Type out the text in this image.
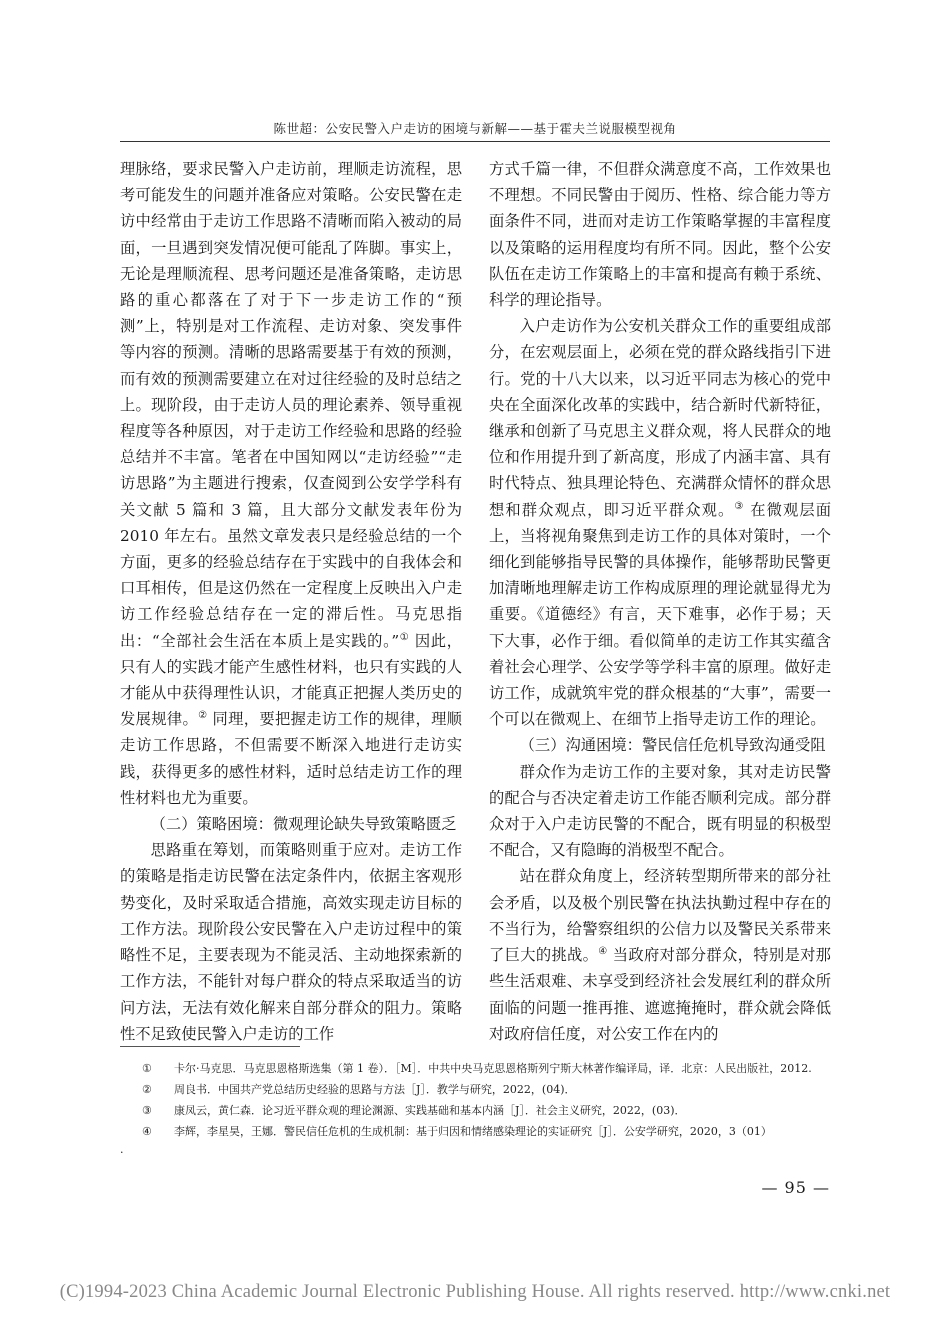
陈世超：公安民警入户走访的困境与新解——基于霍夫兰说服模型视角

理脉络，要求民警入户走访前，理顺走访流程，思考可能发生的问题并准备应对策略。公安民警在走访中经常由于走访工作思路不清晰而陷入被动的局面，一旦遇到突发情况便可能乱了阵脚。事实上，无论是理顺流程、思考问题还是准备策略，走访思路的重心都落在了对于下一步走访工作的“预测”上，特别是对工作流程、走访对象、突发事件等内容的预测。清晰的思路需要基于有效的预测，而有效的预测需要建立在对过往经验的及时总结之上。现阶段，由于走访人员的理论素养、领导重视程度等各种原因，对于走访工作经验和思路的经验总结并不丰富。笔者在中国知网以“走访经验”“走访思路”为主题进行搜索，仅查阅到公安学学科有关文献 5 篇和 3 篇，且大部分文献发表年份为 2010 年左右。虽然文章发表只是经验总结的一个方面，更多的经验总结存在于实践中的自我体会和口耳相传，但是这仍然在一定程度上反映出入户走访工作经验总结存在一定的滞后性。马克思指出：“全部社会生活在本质上是实践的。”① 因此，只有人的实践才能产生感性材料，也只有实践的人才能从中获得理性认识，才能真正把握人类历史的发展规律。② 同理，要把握走访工作的规律，理顺走访工作思路，不但需要不断深入地进行走访实践，获得更多的感性材料，适时总结走访工作的理性材料也尤为重要。

（二）策略困境：微观理论缺失导致策略匮乏

思路重在筹划，而策略则重于应对。走访工作的策略是指走访民警在法定条件内，依据主客观形势变化，及时采取适合措施，高效实现走访目标的工作方法。现阶段公安民警在入户走访过程中的策略性不足，主要表现为不能灵活、主动地探索新的工作方法，不能针对每户群众的特点采取适当的访问方法，无法有效化解来自部分群众的阻力。策略性不足致使民警入户走访的工作

方式千篇一律，不但群众满意度不高，工作效果也不理想。不同民警由于阅历、性格、综合能力等方面条件不同，进而对走访工作策略掌握的丰富程度以及策略的运用程度均有所不同。因此，整个公安队伍在走访工作策略上的丰富和提高有赖于系统、科学的理论指导。

入户走访作为公安机关群众工作的重要组成部分，在宏观层面上，必须在党的群众路线指引下进行。党的十八大以来，以习近平同志为核心的党中央在全面深化改革的实践中，结合新时代新特征，继承和创新了马克思主义群众观，将人民群众的地位和作用提升到了新高度，形成了内涵丰富、具有时代特点、独具理论特色、充满群众情怀的群众思想和群众观点，即习近平群众观。③ 在微观层面上，当将视角聚焦到走访工作的具体对策时，一个细化到能够指导民警的具体操作，能够帮助民警更加清晰地理解走访工作构成原理的理论就显得尤为重要。《道德经》有言，天下难事，必作于易；天下大事，必作于细。看似简单的走访工作其实蕴含着社会心理学、公安学等学科丰富的原理。做好走访工作，成就筑牢党的群众根基的“大事”，需要一个可以在微观上、在细节上指导走访工作的理论。

（三）沟通困境：警民信任危机导致沟通受阻

群众作为走访工作的主要对象，其对走访民警的配合与否决定着走访工作能否顺利完成。部分群众对于入户走访民警的不配合，既有明显的积极型不配合，又有隐晦的消极型不配合。

站在群众角度上，经济转型期所带来的部分社会矛盾，以及极个别民警在执法执勤过程中存在的不当行为，给警察组织的公信力以及警民关系带来了巨大的挑战。④ 当政府对部分群众，特别是对那些生活艰难、未享受到经济社会发展红利的群众所面临的问题一推再推、遮遮掩掩时，群众就会降低对政府信任度，对公安工作在内的

①	卡尔·马克思．马克思恩格斯选集（第 1 卷）．［M］．中共中央马克思恩格斯列宁斯大林著作编译局，译．北京：人民出版社，2012.
②	周良书．中国共产党总结历史经验的思路与方法［J］．教学与研究，2022，(04)．
③	康凤云，黄仁森．论习近平群众观的理论渊源、实践基础和基本内涵［J］．社会主义研究，2022，(03)．
④	李辉，李星昊，王娜．警民信任危机的生成机制：基于归因和情绪感染理论的实证研究［J］．公安学研究，2020，3（01）
.
— 95 —
(C)1994-2023 China Academic Journal Electronic Publishing House. All rights reserved. http://www.cnki.net
